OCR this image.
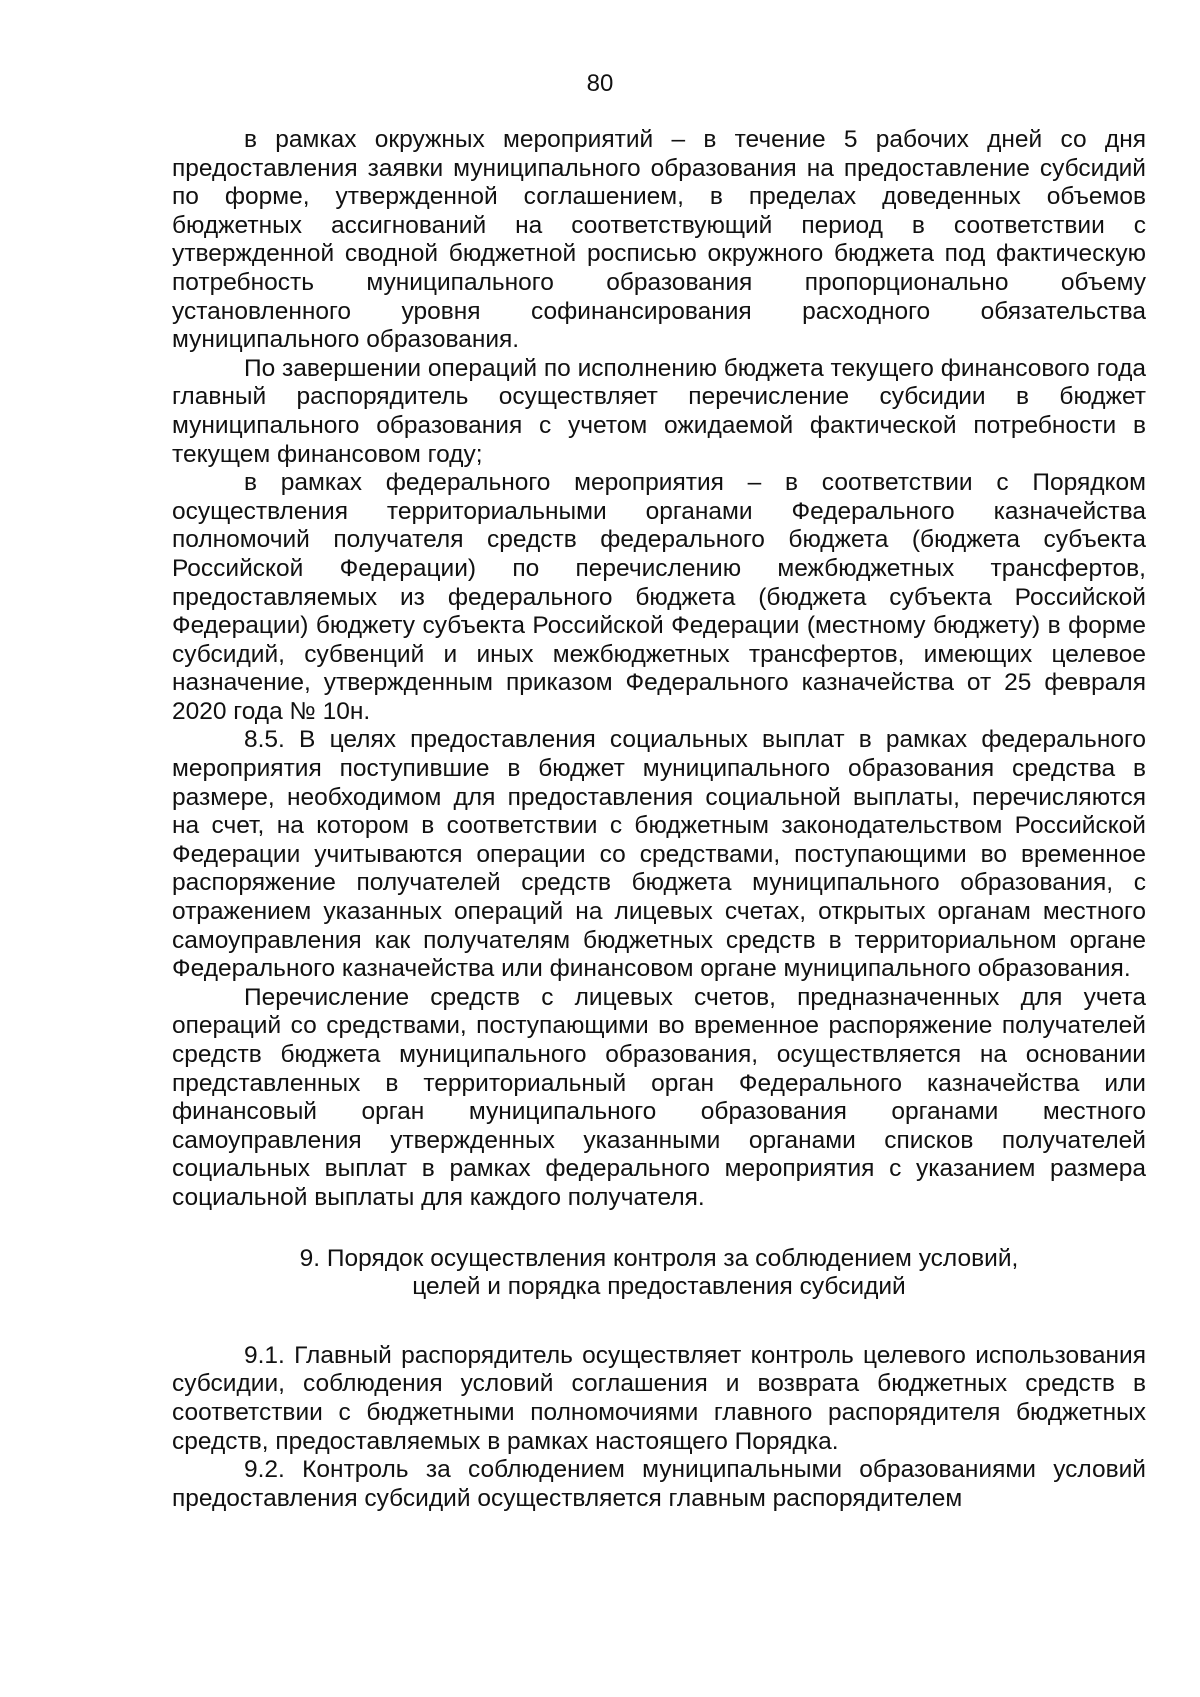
80

в рамках окружных мероприятий – в течение 5 рабочих дней со дня предоставления заявки муниципального образования на предоставление субсидий по форме, утвержденной соглашением, в пределах доведенных объемов бюджетных ассигнований на соответствующий период в соответствии с утвержденной сводной бюджетной росписью окружного бюджета под фактическую потребность муниципального образования пропорционально объему установленного уровня софинансирования расходного обязательства муниципального образования.

По завершении операций по исполнению бюджета текущего финансового года главный распорядитель осуществляет перечисление субсидии в бюджет муниципального образования с учетом ожидаемой фактической потребности в текущем финансовом году;

в рамках федерального мероприятия – в соответствии с Порядком осуществления территориальными органами Федерального казначейства полномочий получателя средств федерального бюджета (бюджета субъекта Российской Федерации) по перечислению межбюджетных трансфертов, предоставляемых из федерального бюджета (бюджета субъекта Российской Федерации) бюджету субъекта Российской Федерации (местному бюджету) в форме субсидий, субвенций и иных межбюджетных трансфертов, имеющих целевое назначение, утвержденным приказом Федерального казначейства от 25 февраля 2020 года № 10н.

8.5. В целях предоставления социальных выплат в рамках федерального мероприятия поступившие в бюджет муниципального образования средства в размере, необходимом для предоставления социальной выплаты, перечисляются на счет, на котором в соответствии с бюджетным законодательством Российской Федерации учитываются операции со средствами, поступающими во временное распоряжение получателей средств бюджета муниципального образования, с отражением указанных операций на лицевых счетах, открытых органам местного самоуправления как получателям бюджетных средств в территориальном органе Федерального казначейства или финансовом органе муниципального образования.

Перечисление средств с лицевых счетов, предназначенных для учета операций со средствами, поступающими во временное распоряжение получателей средств бюджета муниципального образования, осуществляется на основании представленных в территориальный орган Федерального казначейства или финансовый орган муниципального образования органами местного самоуправления утвержденных указанными органами списков получателей социальных выплат в рамках федерального мероприятия с указанием размера социальной выплаты для каждого получателя.

9. Порядок осуществления контроля за соблюдением условий,
целей и порядка предоставления субсидий

9.1. Главный распорядитель осуществляет контроль целевого использования субсидии, соблюдения условий соглашения и возврата бюджетных средств в соответствии с бюджетными полномочиями главного распорядителя бюджетных средств, предоставляемых в рамках настоящего Порядка.

9.2. Контроль за соблюдением муниципальными образованиями условий предоставления субсидий осуществляется главным распорядителем
